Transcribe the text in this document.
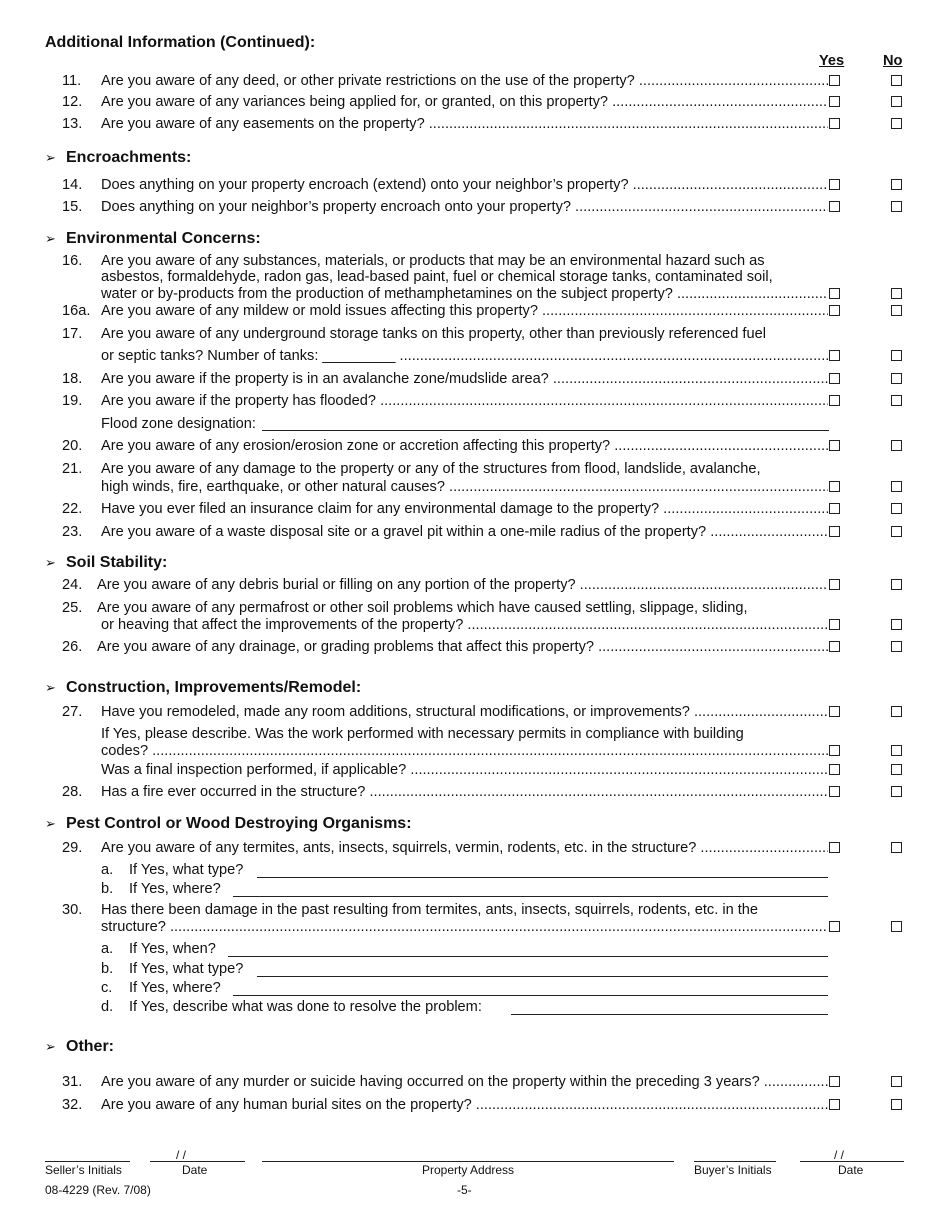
Additional Information (Continued):
Yes	No
11. Are you aware of any deed, or other private restrictions on the use of the property? .....
12. Are you aware of any variances being applied for, or granted, on this property? .....
13. Are you aware of any easements on the property? .....
➢ Encroachments:
14. Does anything on your property encroach (extend) onto your neighbor’s property? .....
15. Does anything on your neighbor’s property encroach onto your property? .....
➢ Environmental Concerns:
16. Are you aware of any substances, materials, or products that may be an environmental hazard such as
asbestos, formaldehyde, radon gas, lead-based paint, fuel or chemical storage tanks, contaminated soil,
water or by-products from the production of methamphetamines on the subject property? .....
16a. Are you aware of any mildew or mold issues affecting this property? .....
17. Are you aware of any underground storage tanks on this property, other than previously referenced fuel
or septic tanks? Number of tanks: _________ .....
18. Are you aware if the property is in an avalanche zone/mudslide area? .....
19. Are you aware if the property has flooded? .....
Flood zone designation:
20. Are you aware of any erosion/erosion zone or accretion affecting this property? .....
21. Are you aware of any damage to the property or any of the structures from flood, landslide, avalanche,
high winds, fire, earthquake, or other natural causes? .....
22. Have you ever filed an insurance claim for any environmental damage to the property? .....
23. Are you aware of a waste disposal site or a gravel pit within a one-mile radius of the property? .....
➢ Soil Stability:
24. Are you aware of any debris burial or filling on any portion of the property? .....
25. Are you aware of any permafrost or other soil problems which have caused settling, slippage, sliding,
or heaving that affect the improvements of the property? .....
26. Are you aware of any drainage, or grading problems that affect this property? .....
➢ Construction, Improvements/Remodel:
27. Have you remodeled, made any room additions, structural modifications, or improvements? .....
If Yes, please describe. Was the work performed with necessary permits in compliance with building
codes? .....
Was a final inspection performed, if applicable? .....
28. Has a fire ever occurred in the structure? .....
➢ Pest Control or Wood Destroying Organisms:
29. Are you aware of any termites, ants, insects, squirrels, vermin, rodents, etc. in the structure? .....
a. If Yes, what type?
b. If Yes, where?
30. Has there been damage in the past resulting from termites, ants, insects, squirrels, rodents, etc. in the
structure? .....
a. If Yes, when?
b. If Yes, what type?
c. If Yes, where?
d. If Yes, describe what was done to resolve the problem:
➢ Other:
31. Are you aware of any murder or suicide having occurred on the property within the preceding 3 years? .....
32. Are you aware of any human burial sites on the property? .....
/ /	/ /
Seller’s Initials	Date	Property Address	Buyer’s Initials	Date
08-4229 (Rev. 7/08)	-5-
